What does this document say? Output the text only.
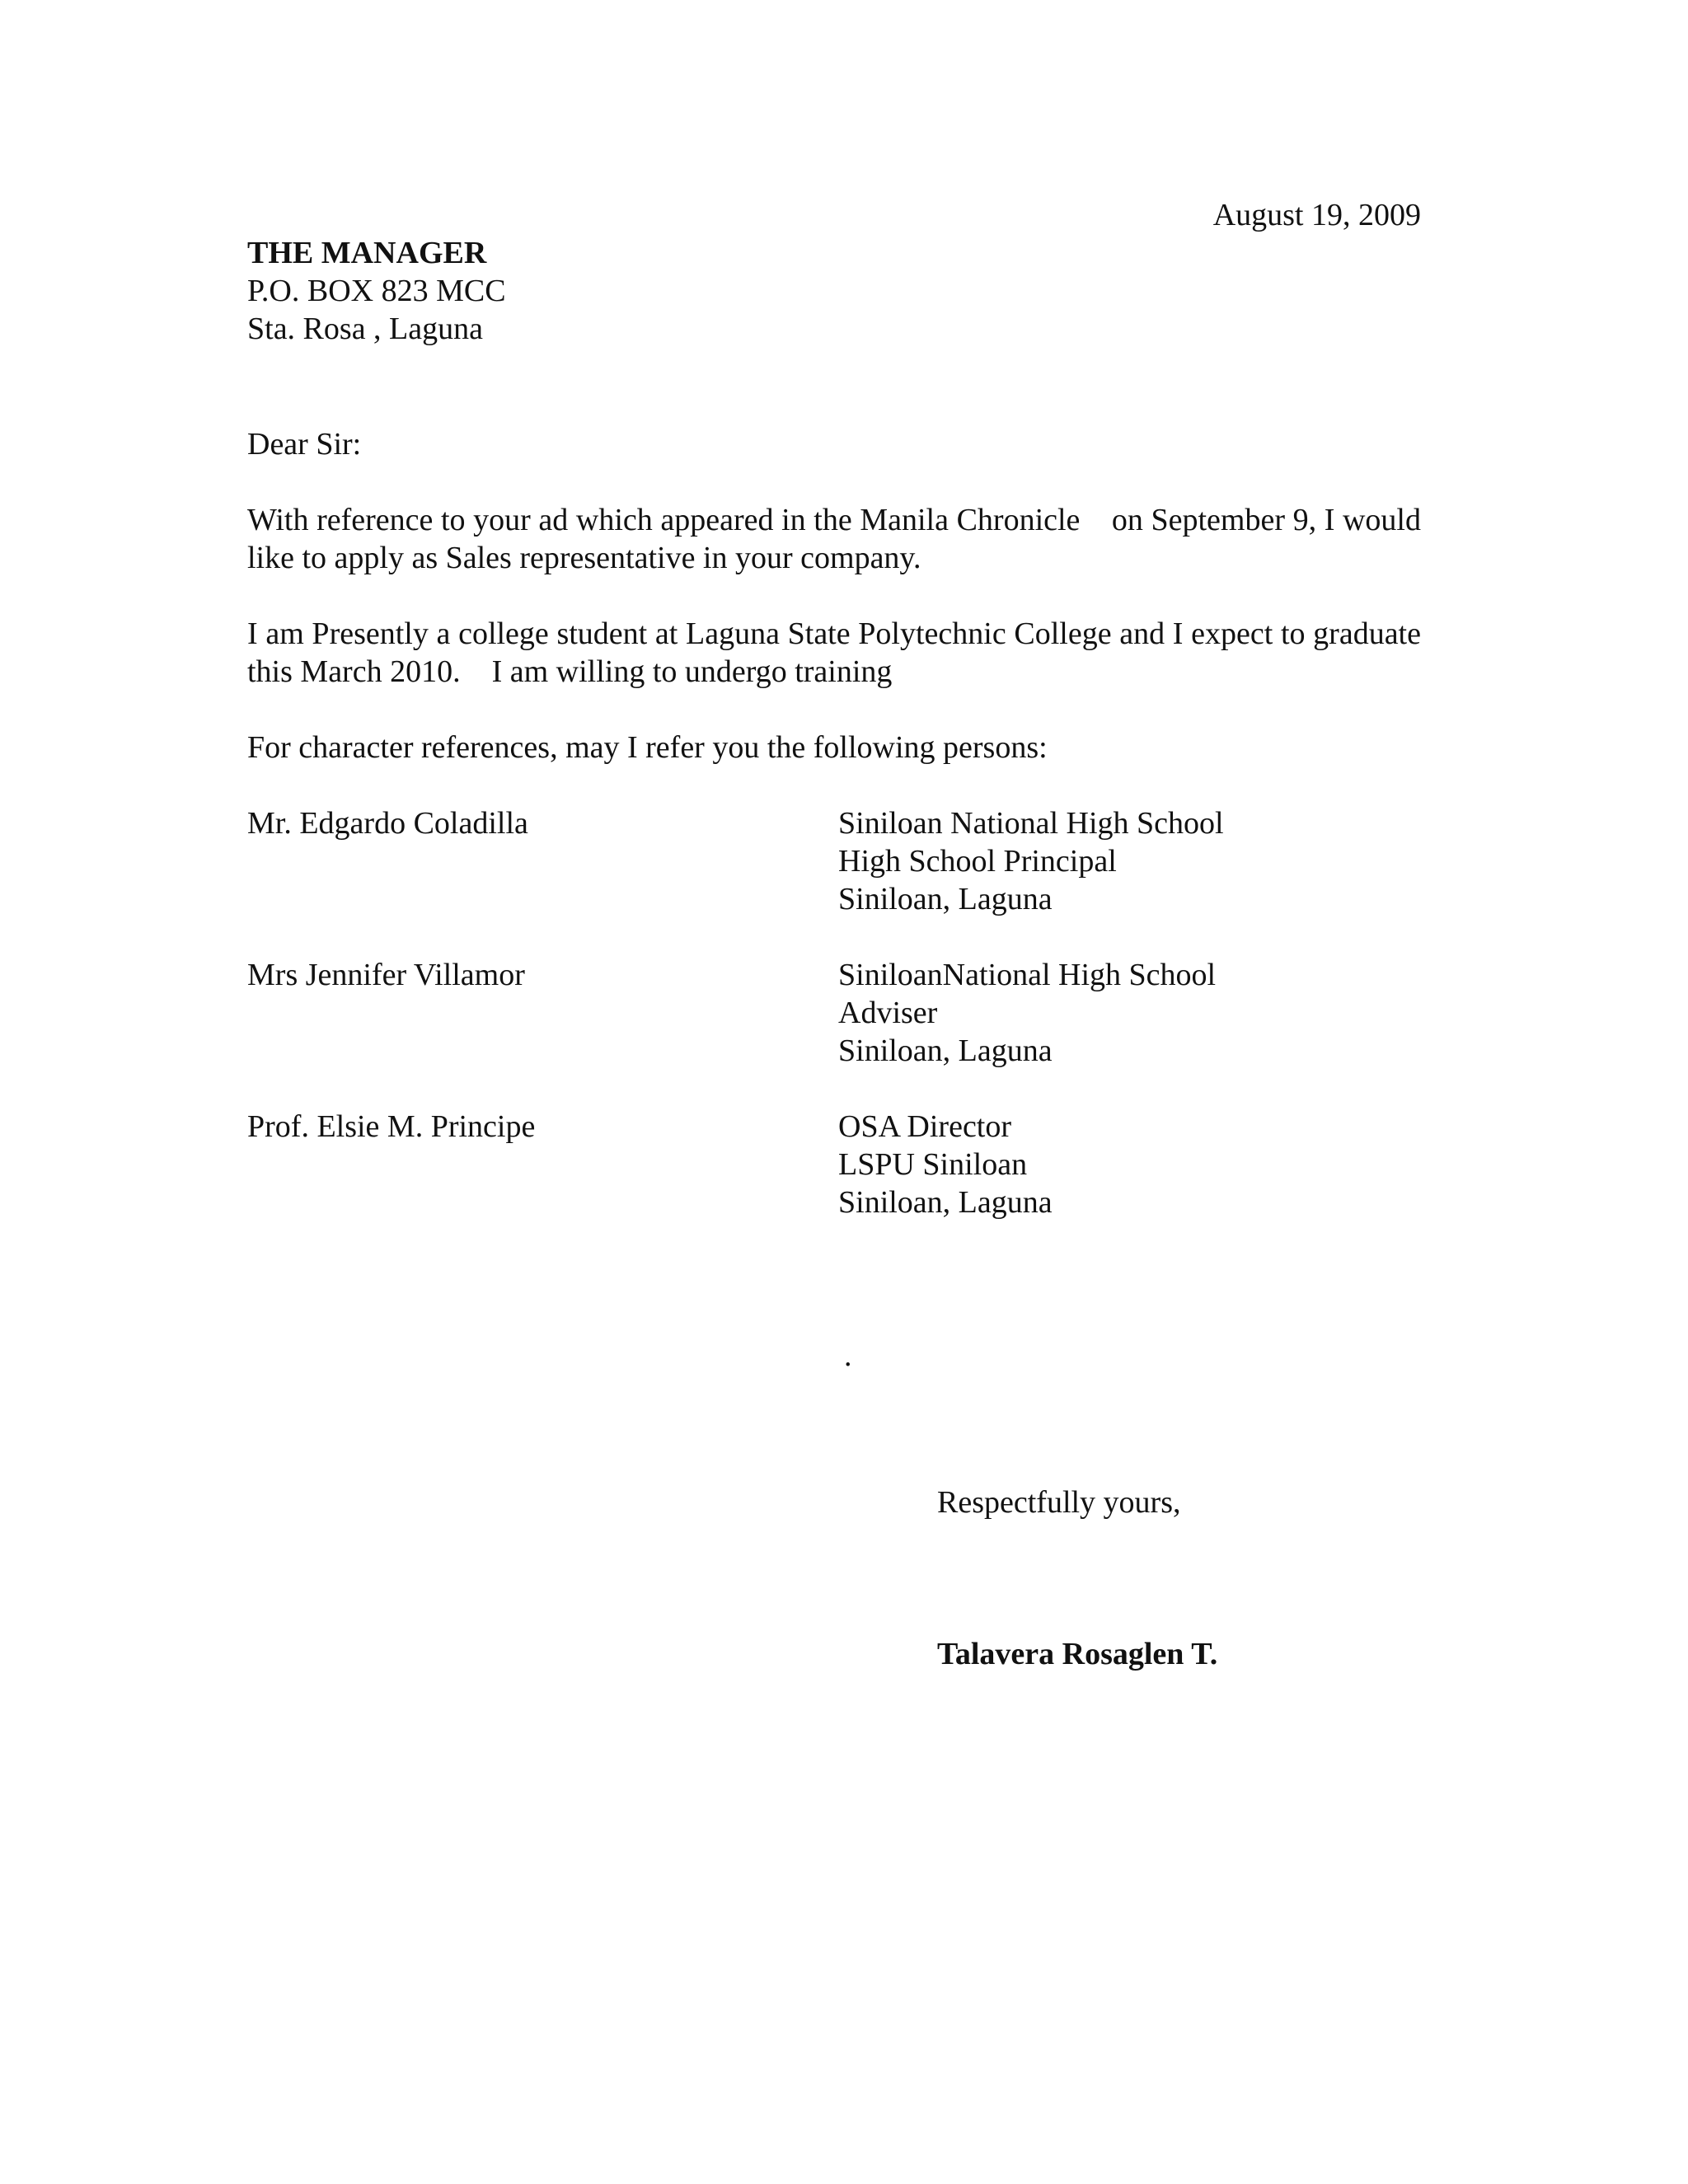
August 19, 2009
THE MANAGER
P.O. BOX 823 MCC
Sta. Rosa , Laguna
Dear Sir:
With reference to your ad which appeared in the Manila Chronicle    on September 9, I would like to apply as Sales representative in your company.
I am Presently a college student at Laguna State Polytechnic College and I expect to graduate this March 2010.    I am willing to undergo training
For character references, may I refer you the following persons:
Mr. Edgardo Coladilla	Siniloan National High School
High School Principal
Siniloan, Laguna
Mrs Jennifer Villamor	SiniloanNational High School
Adviser
Siniloan, Laguna
Prof. Elsie M. Principe	OSA Director
LSPU Siniloan
Siniloan, Laguna
.
Respectfully yours,
Talavera Rosaglen T.
